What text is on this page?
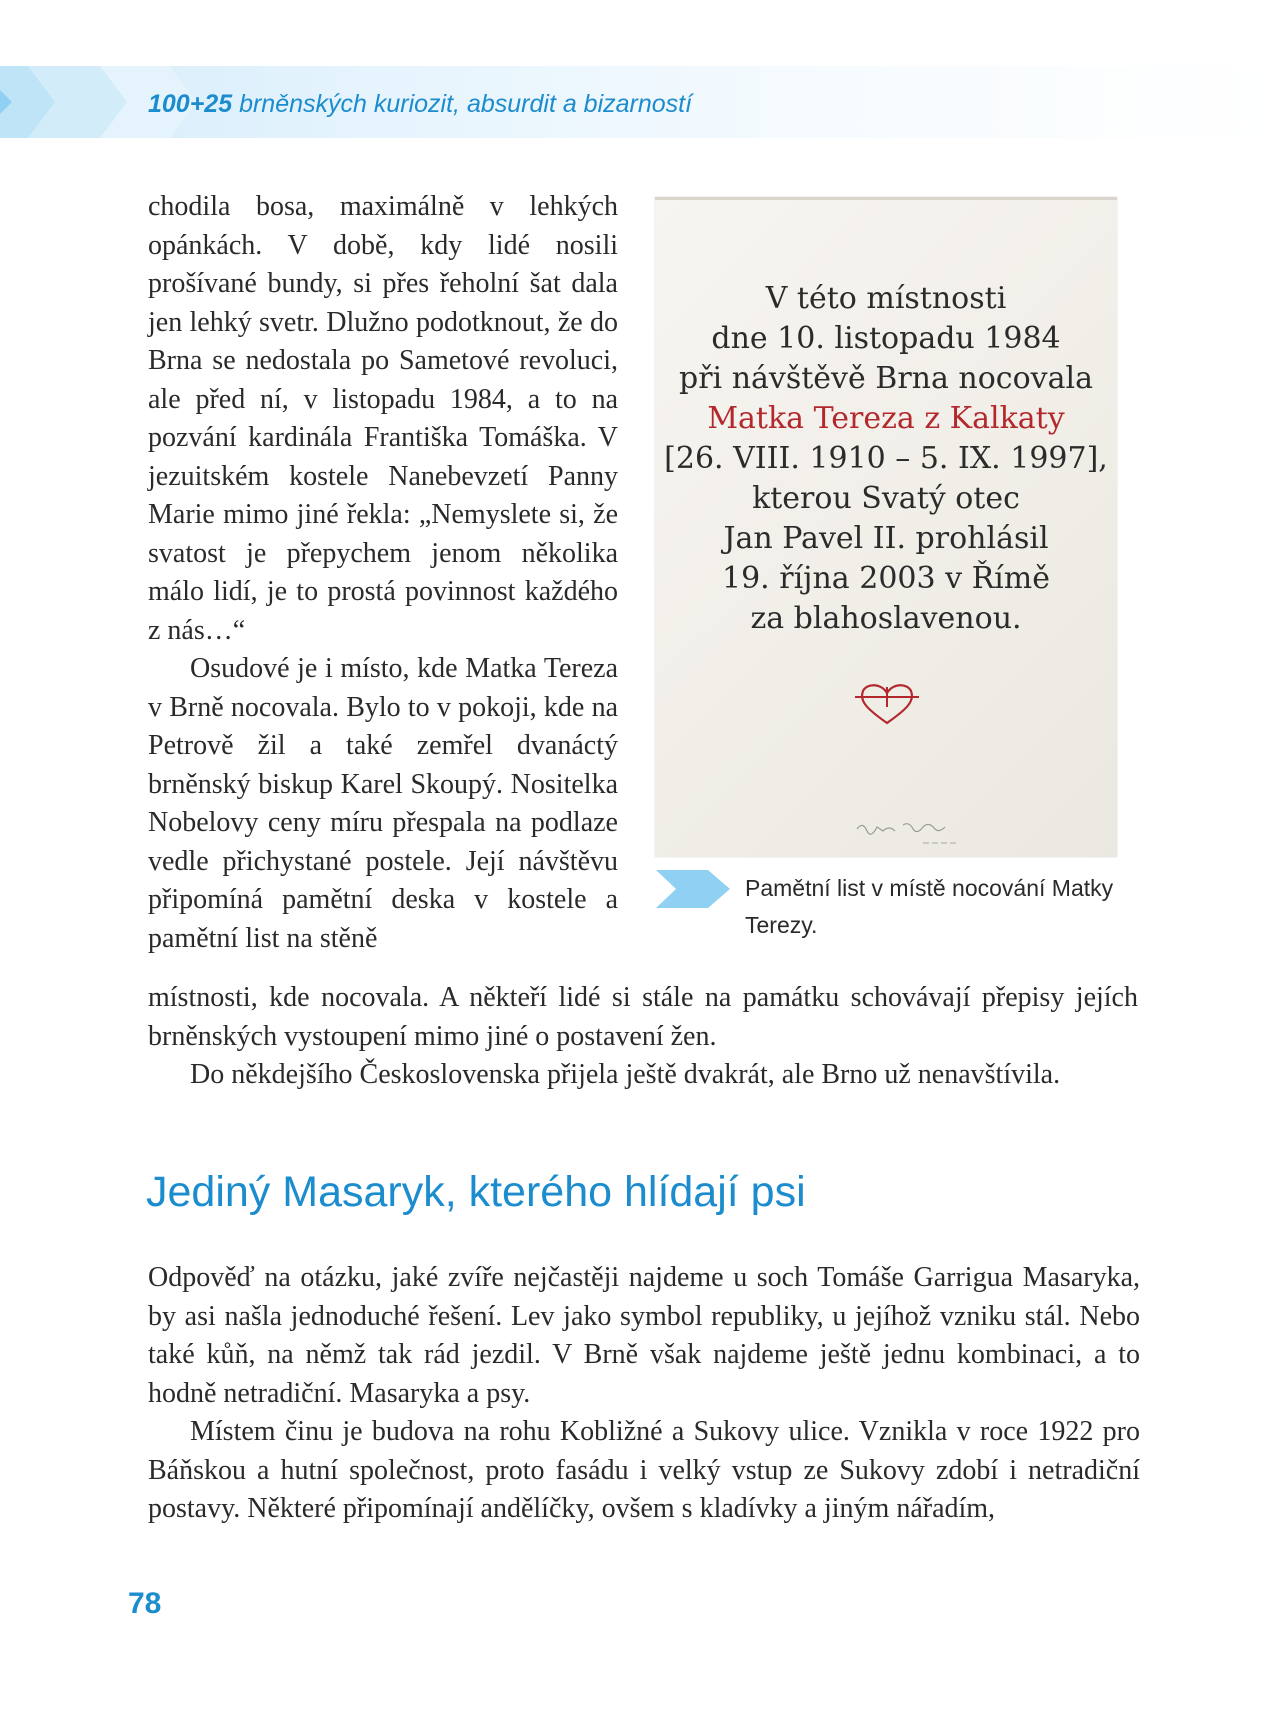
100+25 brněnských kuriozit, absurdit a bizarností

chodila bosa, maximálně v lehkých opánkách. V době, kdy lidé nosili prošívané bundy, si přes řeholní šat dala jen lehký svetr. Dlužno podotknout, že do Brna se nedostala po Sametové revoluci, ale před ní, v listopadu 1984, a to na pozvání kardinála Františka Tomáška. V jezuitském kostele Nanebevzetí Panny Marie mimo jiné řekla: „Nemyslete si, že svatost je přepychem jenom několika málo lidí, je to prostá povinnost každého z nás…“

Osudové je i místo, kde Matka Tereza v Brně nocovala. Bylo to v pokoji, kde na Petrově žil a také zemřel dvanáctý brněnský biskup Karel Skoupý. Nositelka Nobelovy ceny míru přespala na podlaze vedle přichystané postele. Její návštěvu připomíná pamětní deska v kostele a pamětní list na stěně

V této místnosti
dne 10. listopadu 1984
při návštěvě Brna nocovala
Matka Tereza z Kalkaty
[26. VIII. 1910 – 5. IX. 1997],
kterou Svatý otec
Jan Pavel II. prohlásil
19. října 2003 v Římě
za blahoslavenou.
Pamětní list v místě nocování Matky Terezy.

místnosti, kde nocovala. A někteří lidé si stále na památku schovávají přepisy jejích brněnských vystoupení mimo jiné o postavení žen.

Do někdejšího Československa přijela ještě dvakrát, ale Brno už nenavštívila.

Jediný Masaryk, kterého hlídají psi

Odpověď na otázku, jaké zvíře nejčastěji najdeme u soch Tomáše Garrigua Masaryka, by asi našla jednoduché řešení. Lev jako symbol republiky, u jejíhož vzniku stál. Nebo také kůň, na němž tak rád jezdil. V Brně však najdeme ještě jednu kombinaci, a to hodně netradiční. Masaryka a psy.

Místem činu je budova na rohu Kobližné a Sukovy ulice. Vznikla v roce 1922 pro Báňskou a hutní společnost, proto fasádu i velký vstup ze Sukovy zdobí i netradiční postavy. Některé připomínají andělíčky, ovšem s kladívky a jiným nářadím,

78
